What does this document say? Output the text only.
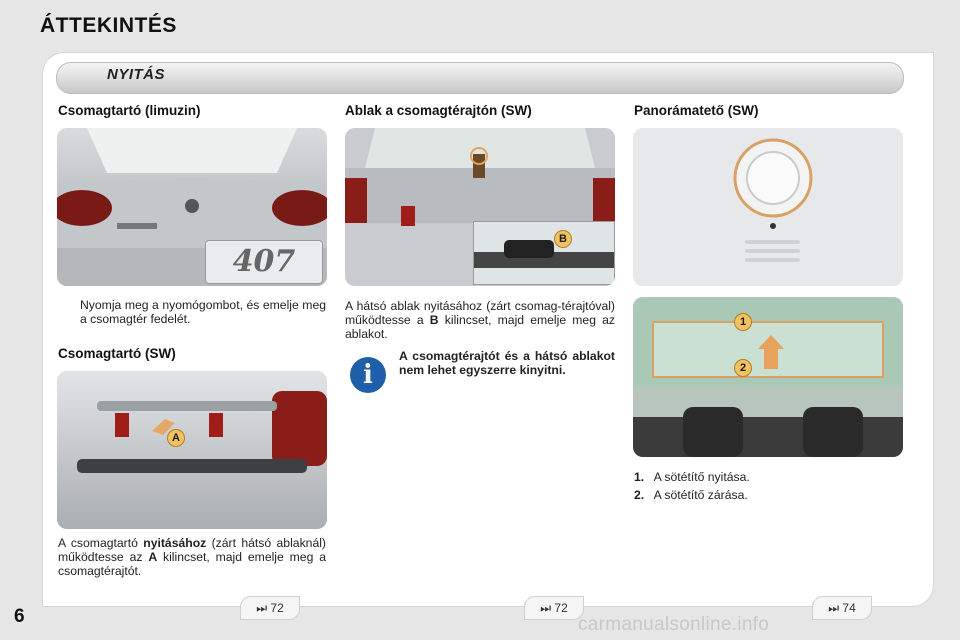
ÁTTEKINTÉS
NYITÁS
Csomagtartó (limuzin)
407
Nyomja meg a nyomógombot, és emelje meg a csomagtér fedelét.
Csomagtartó (SW)
A
A csomagtartó nyitásához (zárt hátsó ablaknál) működtesse az A kilincset, majd emelje meg a csomagtérajtót.
Ablak a csomagtérajtón (SW)
B
A hátsó ablak nyitásához (zárt csomag-térajtóval) működtesse a B kilincset, majd emelje meg az ablakot.
i
A csomagtérajtót és a hátsó ablakot nem lehet egyszerre kinyitni.
Panorámatető (SW)
1
2
1. A sötétítő nyitása.
2. A sötétítő zárása.
⏭ 72	⏭ 72	⏭ 74
6	carmanualsonline.info
